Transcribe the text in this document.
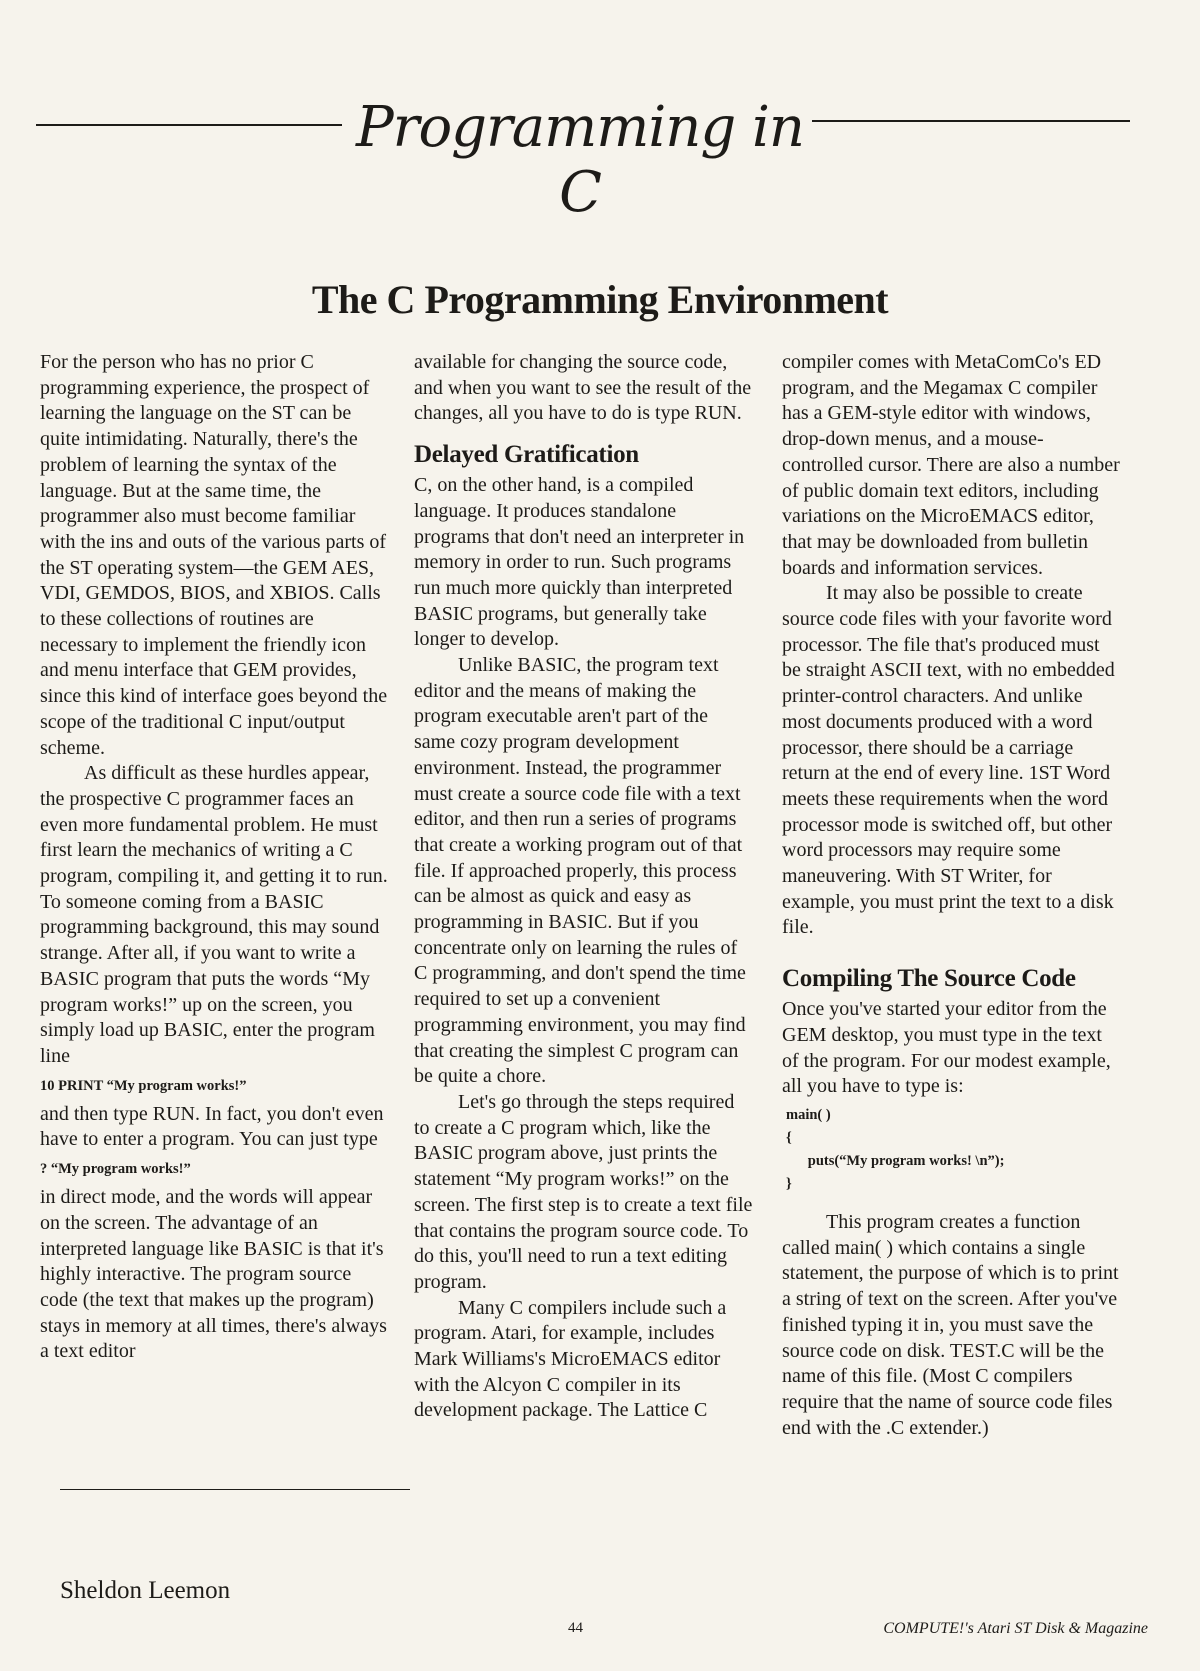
Programming in C
The C Programming Environment

For the person who has no prior C programming experience, the prospect of learning the language on the ST can be quite intimidating. Naturally, there's the problem of learning the syntax of the language. But at the same time, the programmer also must become familiar with the ins and outs of the various parts of the ST operating system—the GEM AES, VDI, GEMDOS, BIOS, and XBIOS. Calls to these collections of routines are necessary to implement the friendly icon and menu interface that GEM provides, since this kind of interface goes beyond the scope of the traditional C input/output scheme.

As difficult as these hurdles appear, the prospective C programmer faces an even more fundamental problem. He must first learn the mechanics of writing a C program, compiling it, and getting it to run. To someone coming from a BASIC programming background, this may sound strange. After all, if you want to write a BASIC program that puts the words “My program works!” up on the screen, you simply load up BASIC, enter the program line

10 PRINT “My program works!”

and then type RUN. In fact, you don't even have to enter a program. You can just type

? “My program works!”

in direct mode, and the words will appear on the screen. The advantage of an interpreted language like BASIC is that it's highly interactive. The program source code (the text that makes up the program) stays in memory at all times, there's always a text editor

available for changing the source code, and when you want to see the result of the changes, all you have to do is type RUN.

Delayed Gratification

C, on the other hand, is a compiled language. It produces standalone programs that don't need an interpreter in memory in order to run. Such programs run much more quickly than interpreted BASIC programs, but generally take longer to develop.

Unlike BASIC, the program text editor and the means of making the program executable aren't part of the same cozy program development environment. Instead, the programmer must create a source code file with a text editor, and then run a series of programs that create a working program out of that file. If approached properly, this process can be almost as quick and easy as programming in BASIC. But if you concentrate only on learning the rules of C programming, and don't spend the time required to set up a convenient programming environment, you may find that creating the simplest C program can be quite a chore.

Let's go through the steps required to create a C program which, like the BASIC program above, just prints the statement “My program works!” on the screen. The first step is to create a text file that contains the program source code. To do this, you'll need to run a text editing program.

Many C compilers include such a program. Atari, for example, includes Mark Williams's MicroEMACS editor with the Alcyon C compiler in its development package. The Lattice C

compiler comes with MetaComCo's ED program, and the Megamax C compiler has a GEM-style editor with windows, drop-down menus, and a mouse-controlled cursor. There are also a number of public domain text editors, including variations on the MicroEMACS editor, that may be downloaded from bulletin boards and information services.

It may also be possible to create source code files with your favorite word processor. The file that's produced must be straight ASCII text, with no embedded printer-control characters. And unlike most documents produced with a word processor, there should be a carriage return at the end of every line. 1ST Word meets these requirements when the word processor mode is switched off, but other word processors may require some maneuvering. With ST Writer, for example, you must print the text to a disk file.

Compiling The Source Code

Once you've started your editor from the GEM desktop, you must type in the text of the program. For our modest example, all you have to type is:

main( )
{
puts(“My program works! \n”);
}

This program creates a function called main( ) which contains a single statement, the purpose of which is to print a string of text on the screen. After you've finished typing it in, you must save the source code on disk. TEST.C will be the name of this file. (Most C compilers require that the name of source code files end with the .C extender.)

Sheldon Leemon
44	COMPUTE!'s Atari ST Disk & Magazine
